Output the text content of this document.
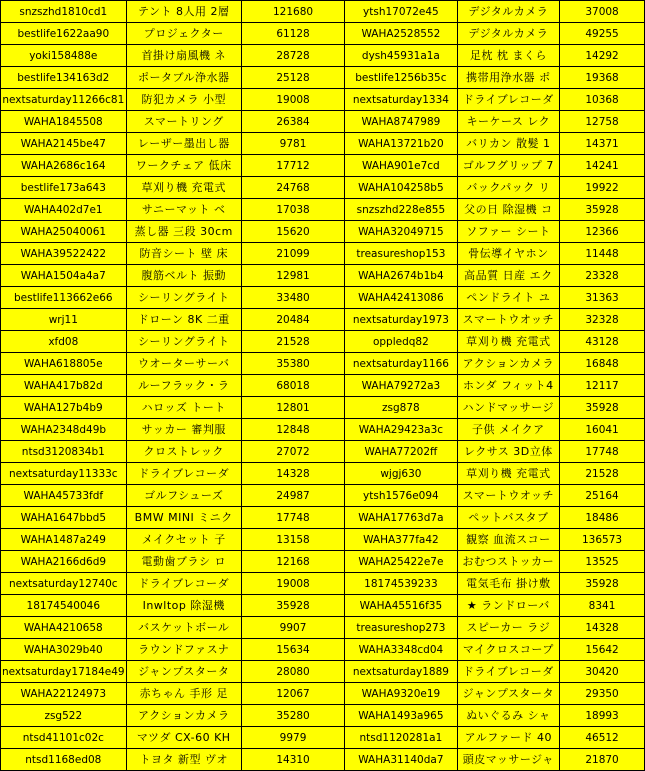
snzszhd1810cd1	テント 8人用 2層	121680	ytsh17072e45	デジタルカメラ	37008
bestlife1622aa90	プロジェクター	61128	WAHA2528552	デジタルカメラ	49255
yoki158488e	首掛け扇風機 ネ	28728	dysh45931a1a	足枕 枕 まくら	14292
bestlife134163d2	ポータブル浄水器	25128	bestlife1256b35c	携帯用浄水器 ポ	19368
nextsaturday11266c81	防犯カメラ 小型	19008	nextsaturday1334	ドライブレコーダ	10368
WAHA1845508	スマートリング	26384	WAHA8747989	キーケース レク	12758
WAHA2145be47	レーザー墨出し器	9781	WAHA13721b20	バリカン 散髪 1	14371
WAHA2686c164	ワークチェア 低床	17712	WAHA901e7cd	ゴルフグリップ 7	14241
bestlife173a643	草刈り機 充電式	24768	WAHA104258b5	バックパック リ	19922
WAHA402d7e1	サニーマット ベ	17038	snzszhd228e855	父の日 除湿機 コ	35928
WAHA25040061	蒸し器 三段 30cm	15620	WAHA32049715	ソファー シート	12366
WAHA39522422	防音シート 壁 床	21099	treasureshop153	骨伝導イヤホン	11448
WAHA1504a4a7	腹筋ベルト 振動	12981	WAHA2674b1b4	高品質 日産 エク	23328
bestlife113662e66	シーリングライト	33480	WAHA42413086	ペンドライト ユ	31363
wrj11	ドローン 8K 二重	20484	nextsaturday1973	スマートウオッチ	32328
xfd08	シーリングライト	21528	oppledq82	草刈り機 充電式	43128
WAHA618805e	ウオーターサーバ	35380	nextsaturday1166	アクションカメラ	16848
WAHA417b82d	ルーフラック・ラ	68018	WAHA79272a3	ホンダ フィット4	12117
WAHA127b4b9	ハロッズ トート	12801	zsg878	ハンドマッサージ	35928
WAHA2348d49b	サッカー 審判服	12848	WAHA29423a3c	子供 メイクア	16041
ntsd3120834b1	クロストレック	27072	WAHA77202ff	レクサス 3D立体	17748
nextsaturday11333c	ドライブレコーダ	14328	wjgj630	草刈り機 充電式	21528
WAHA45733fdf	ゴルフシューズ	24987	ytsh1576e094	スマートウオッチ	25164
WAHA1647bbd5	BMW MINI ミニク	17748	WAHA17763d7a	ペットバスタブ	18486
WAHA1487a249	メイクセット 子	13158	WAHA377fa42	観察 血流スコー	136573
WAHA2166d6d9	電動歯ブラシ ロ	12168	WAHA25422e7e	おむつストッカー	13525
nextsaturday12740c	ドライブレコーダ	19008	18174539233	電気毛布 掛け敷	35928
18174540046	Inwltop 除湿機	35928	WAHA45516f35	★ ランドローバ	8341
WAHA4210658	バスケットボール	9907	treasureshop273	スピーカー ラジ	14328
WAHA3029b40	ラウンドファスナ	15634	WAHA3348cd04	マイクロスコープ	15642
nextsaturday17184e49	ジャンプスタータ	28080	nextsaturday1889	ドライブレコーダ	30420
WAHA22124973	赤ちゃん 手形 足	12067	WAHA9320e19	ジャンプスタータ	29350
zsg522	アクションカメラ	35280	WAHA1493a965	ぬいぐるみ シャ	18993
ntsd41101c02c	マツダ CX-60 KH	9979	ntsd1120281a1	アルファード 40	46512
ntsd1168ed08	トヨタ 新型 ヴオ	14310	WAHA31140da7	頭皮マッサージャ	21870
